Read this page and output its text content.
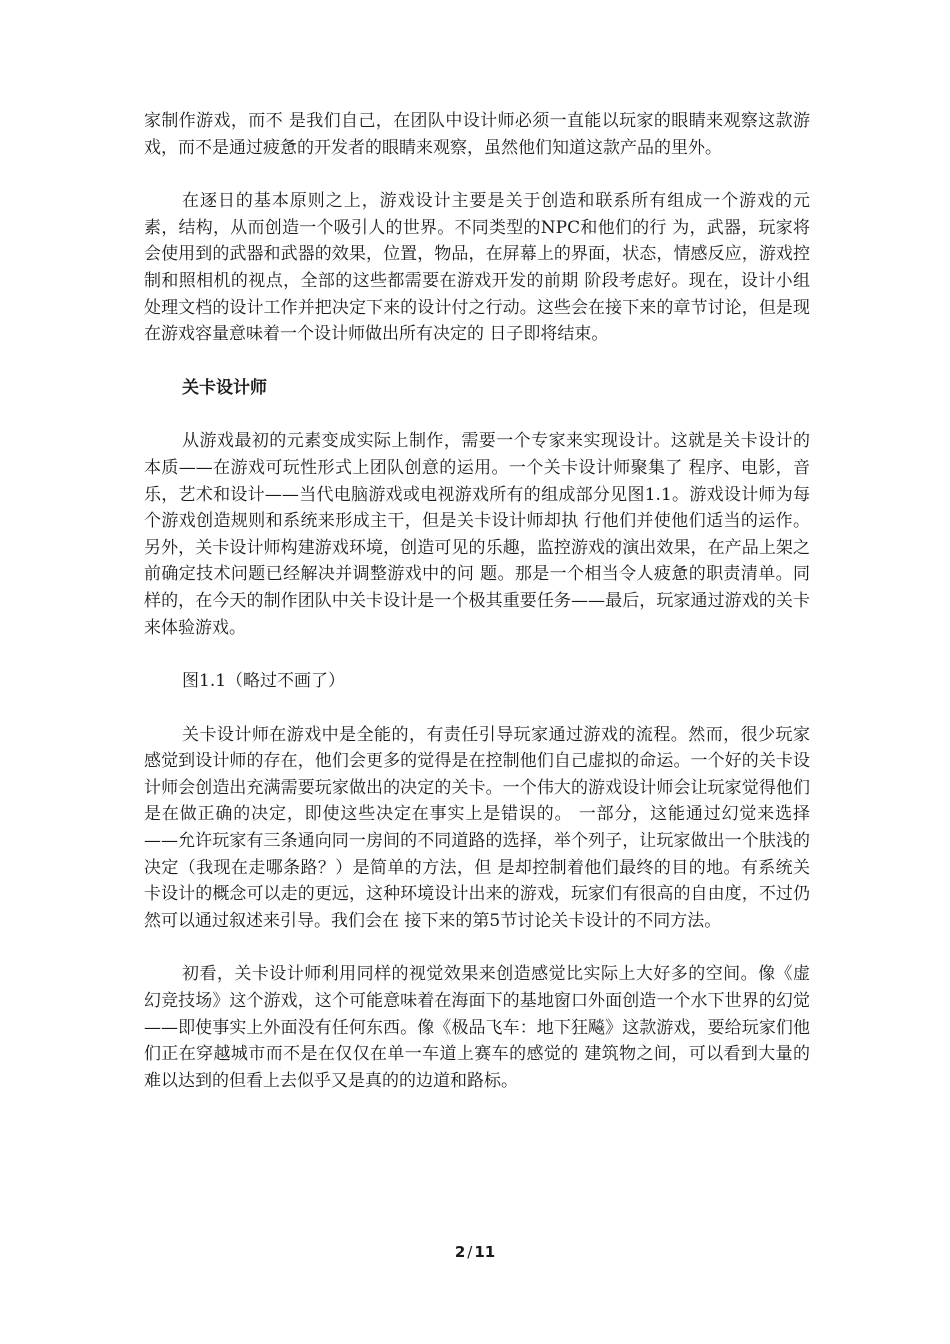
家制作游戏，而不 是我们自己，在团队中设计师必须一直能以玩家的眼睛来观察这款游戏，而不是通过疲惫的开发者的眼睛来观察，虽然他们知道这款产品的里外。

在逐日的基本原则之上，游戏设计主要是关于创造和联系所有组成一个游戏的元素，结构，从而创造一个吸引人的世界。不同类型的NPC和他们的行 为，武器，玩家将会使用到的武器和武器的效果，位置，物品，在屏幕上的界面，状态，情感反应，游戏控制和照相机的视点，全部的这些都需要在游戏开发的前期 阶段考虑好。现在，设计小组处理文档的设计工作并把决定下来的设计付之行动。这些会在接下来的章节讨论，但是现在游戏容量意味着一个设计师做出所有决定的 日子即将结束。

关卡设计师

从游戏最初的元素变成实际上制作，需要一个专家来实现设计。这就是关卡设计的本质——在游戏可玩性形式上团队创意的运用。一个关卡设计师聚集了 程序、电影，音乐，艺术和设计——当代电脑游戏或电视游戏所有的组成部分见图1.1。游戏设计师为每个游戏创造规则和系统来形成主干，但是关卡设计师却执 行他们并使他们适当的运作。另外，关卡设计师构建游戏环境，创造可见的乐趣，监控游戏的演出效果，在产品上架之前确定技术问题已经解决并调整游戏中的问 题。那是一个相当令人疲惫的职责清单。同样的，在今天的制作团队中关卡设计是一个极其重要任务——最后，玩家通过游戏的关卡来体验游戏。

图1.1（略过不画了）

关卡设计师在游戏中是全能的，有责任引导玩家通过游戏的流程。然而，很少玩家感觉到设计师的存在，他们会更多的觉得是在控制他们自己虚拟的命运。一个好的关卡设计师会创造出充满需要玩家做出的决定的关卡。一个伟大的游戏设计师会让玩家觉得他们是在做正确的决定，即使这些决定在事实上是错误的。 一部分，这能通过幻觉来选择——允许玩家有三条通向同一房间的不同道路的选择，举个列子，让玩家做出一个肤浅的决定（我现在走哪条路？）是简单的方法，但 是却控制着他们最终的目的地。有系统关卡设计的概念可以走的更远，这种环境设计出来的游戏，玩家们有很高的自由度，不过仍然可以通过叙述来引导。我们会在 接下来的第5节讨论关卡设计的不同方法。

初看，关卡设计师利用同样的视觉效果来创造感觉比实际上大好多的空间。像《虚幻竞技场》这个游戏，这个可能意味着在海面下的基地窗口外面创造一个水下世界的幻觉——即使事实上外面没有任何东西。像《极品飞车：地下狂飚》这款游戏，要给玩家们他们正在穿越城市而不是在仅仅在单一车道上赛车的感觉的 建筑物之间，可以看到大量的难以达到的但看上去似乎又是真的的边道和路标。

2 / 11
